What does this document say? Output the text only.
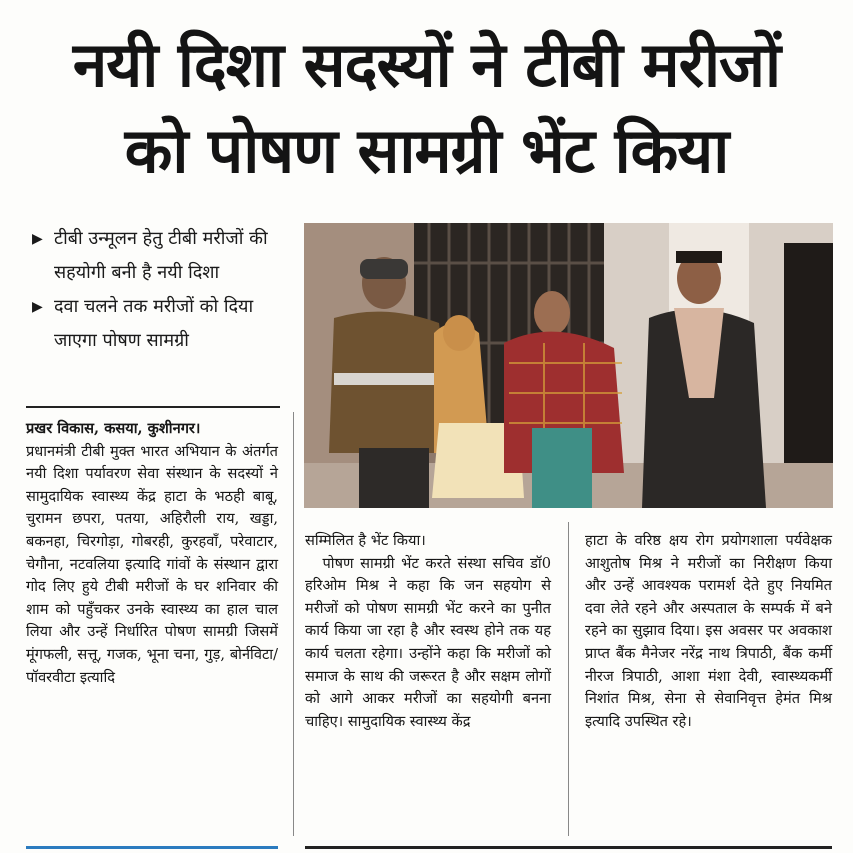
नयी दिशा सदस्यों ने टीबी मरीजों
को पोषण सामग्री भेंट किया
▶ टीबी उन्मूलन हेतु टीबी मरीजों की सहयोगी बनी है नयी दिशा
▶ दवा चलने तक मरीजों को दिया जाएगा पोषण सामग्री

प्रखर विकास, कसया, कुशीनगर।

प्रधानमंत्री टीबी मुक्त भारत अभियान के अंतर्गत नयी दिशा पर्यावरण सेवा संस्थान के सदस्यों ने सामुदायिक स्वास्थ्य केंद्र हाटा के भठही बाबू, चुरामन छपरा, पतया, अहिरौली राय, खड्डा, बकनहा, चिरगोड़ा, गोबरही, कुरहवाँ, परेवाटार, चेगौना, नटवलिया इत्यादि गांवों के संस्थान द्वारा गोद लिए हुये टीबी मरीजों के घर शनिवार की शाम को पहुँचकर उनके स्वास्थ्य का हाल चाल लिया और उन्हें निर्धारित पोषण सामग्री जिसमें मूंगफली, सत्तू, गजक, भूना चना, गुड़, बोर्नविटा/ पॉवरवीटा इत्यादि

सम्मिलित है भेंट किया।

पोषण सामग्री भेंट करते संस्था सचिव डॉ0 हरिओम मिश्र ने कहा कि जन सहयोग से मरीजों को पोषण सामग्री भेंट करने का पुनीत कार्य किया जा रहा है और स्वस्थ होने तक यह कार्य चलता रहेगा। उन्होंने कहा कि मरीजों को समाज के साथ की जरूरत है और सक्षम लोगों को आगे आकर मरीजों का सहयोगी बनना चाहिए। सामुदायिक स्वास्थ्य केंद्र

हाटा के वरिष्ठ क्षय रोग प्रयोगशाला पर्यवेक्षक आशुतोष मिश्र ने मरीजों का निरीक्षण किया और उन्हें आवश्यक परामर्श देते हुए नियमित दवा लेते रहने और अस्पताल के सम्पर्क में बने रहने का सुझाव दिया। इस अवसर पर अवकाश प्राप्त बैंक मैनेजर नरेंद्र नाथ त्रिपाठी, बैंक कर्मी नीरज त्रिपाठी, आशा मंशा देवी, स्वास्थ्यकर्मी निशांत मिश्र, सेना से सेवानिवृत्त हेमंत मिश्र इत्यादि उपस्थित रहे।
